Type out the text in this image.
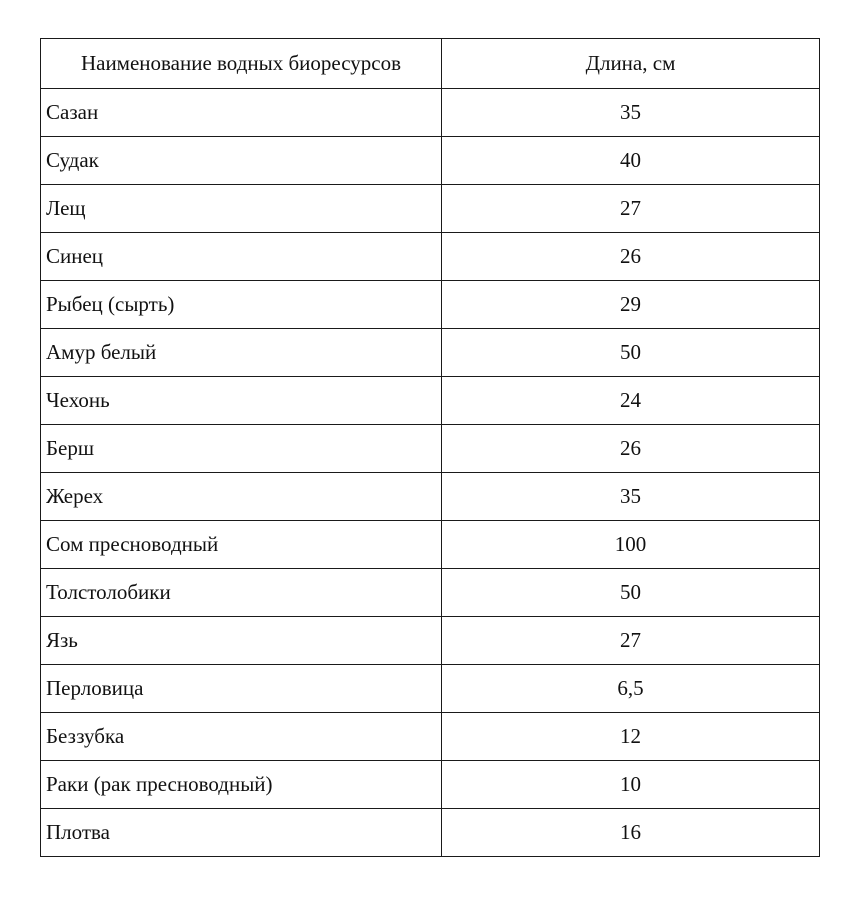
Наименование водных биоресурсов	Длина, см
Сазан	35
Судак	40
Лещ	27
Синец	26
Рыбец (сырть)	29
Амур белый	50
Чехонь	24
Берш	26
Жерех	35
Сом пресноводный	100
Толстолобики	50
Язь	27
Перловица	6,5
Беззубка	12
Раки (рак пресноводный)	10
Плотва	16
